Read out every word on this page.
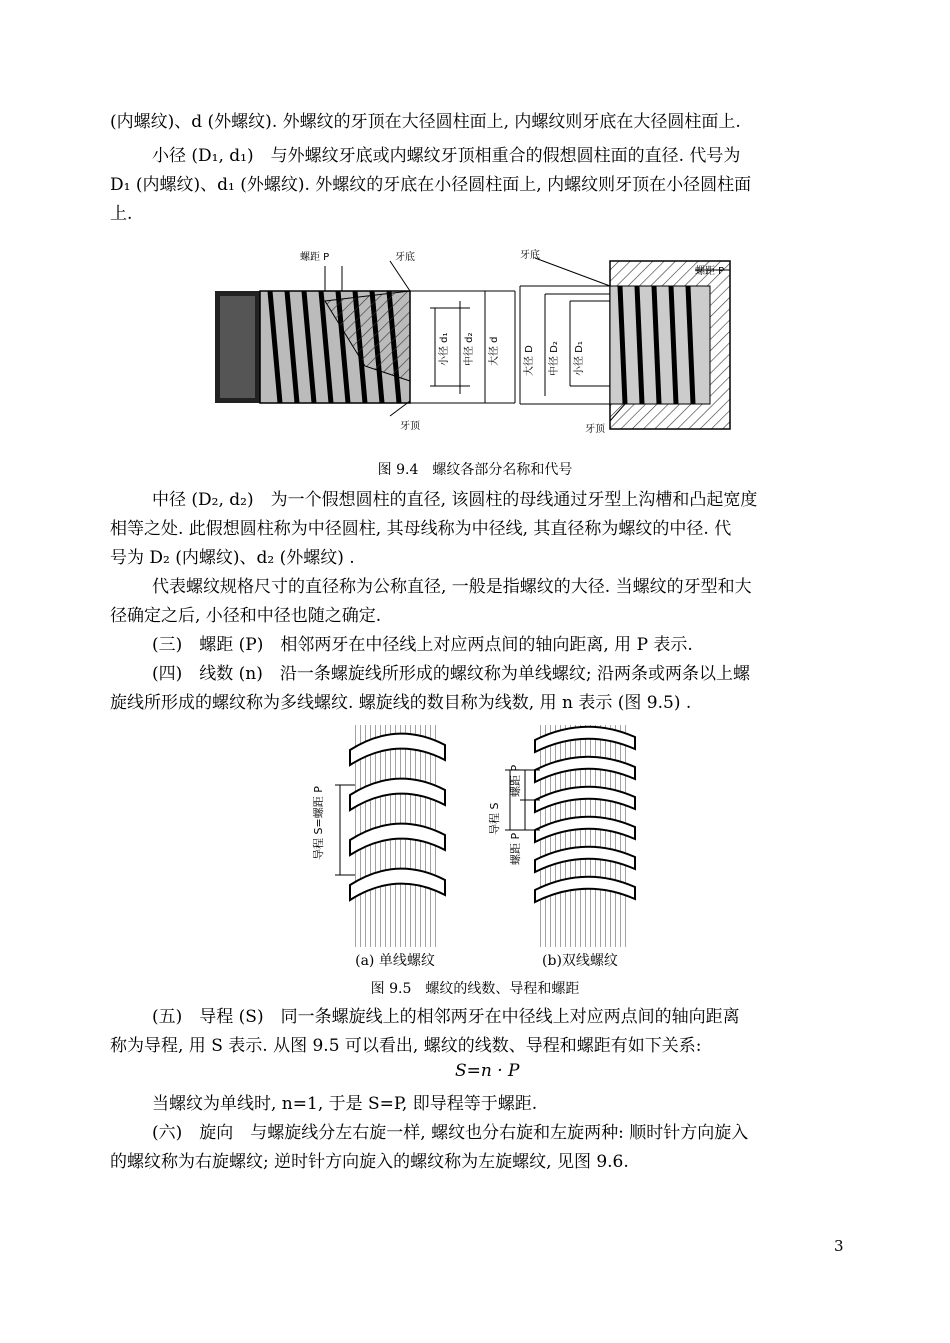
(内螺纹)、d (外螺纹). 外螺纹的牙顶在大径圆柱面上, 内螺纹则牙底在大径圆柱面上.
小径 (D₁, d₁)　与外螺纹牙底或内螺纹牙顶相重合的假想圆柱面的直径. 代号为
D₁ (内螺纹)、d₁ (外螺纹). 外螺纹的牙底在小径圆柱面上, 内螺纹则牙顶在小径圆柱面
上.
螺距 P	牙底
牙顶
小径 d₁ 中径 d₂ 大径 d
牙底
螺距 P
牙顶
大径 D 中径 D₂ 小径 D₁
图 9.4　螺纹各部分名称和代号
中径 (D₂, d₂)　为一个假想圆柱的直径, 该圆柱的母线通过牙型上沟槽和凸起宽度
相等之处. 此假想圆柱称为中径圆柱, 其母线称为中径线, 其直径称为螺纹的中径. 代
号为 D₂ (内螺纹)、d₂ (外螺纹) .
代表螺纹规格尺寸的直径称为公称直径, 一般是指螺纹的大径. 当螺纹的牙型和大
径确定之后, 小径和中径也随之确定.
(三)　螺距 (P)　相邻两牙在中径线上对应两点间的轴向距离, 用 P 表示.
(四)　线数 (n)　沿一条螺旋线所形成的螺纹称为单线螺纹; 沿两条或两条以上螺
旋线所形成的螺纹称为多线螺纹. 螺旋线的数目称为线数, 用 n 表示 (图 9.5) .
导程 S=螺距 P	导程 S
螺距 P
螺距 P
(a) 单线螺纹	(b)双线螺纹
图 9.5　螺纹的线数、导程和螺距
(五)　导程 (S)　同一条螺旋线上的相邻两牙在中径线上对应两点间的轴向距离
称为导程, 用 S 表示. 从图 9.5 可以看出, 螺纹的线数、导程和螺距有如下关系:
S=n · P
当螺纹为单线时, n=1, 于是 S=P, 即导程等于螺距.
(六)　旋向　与螺旋线分左右旋一样, 螺纹也分右旋和左旋两种: 顺时针方向旋入
的螺纹称为右旋螺纹; 逆时针方向旋入的螺纹称为左旋螺纹, 见图 9.6.
3
